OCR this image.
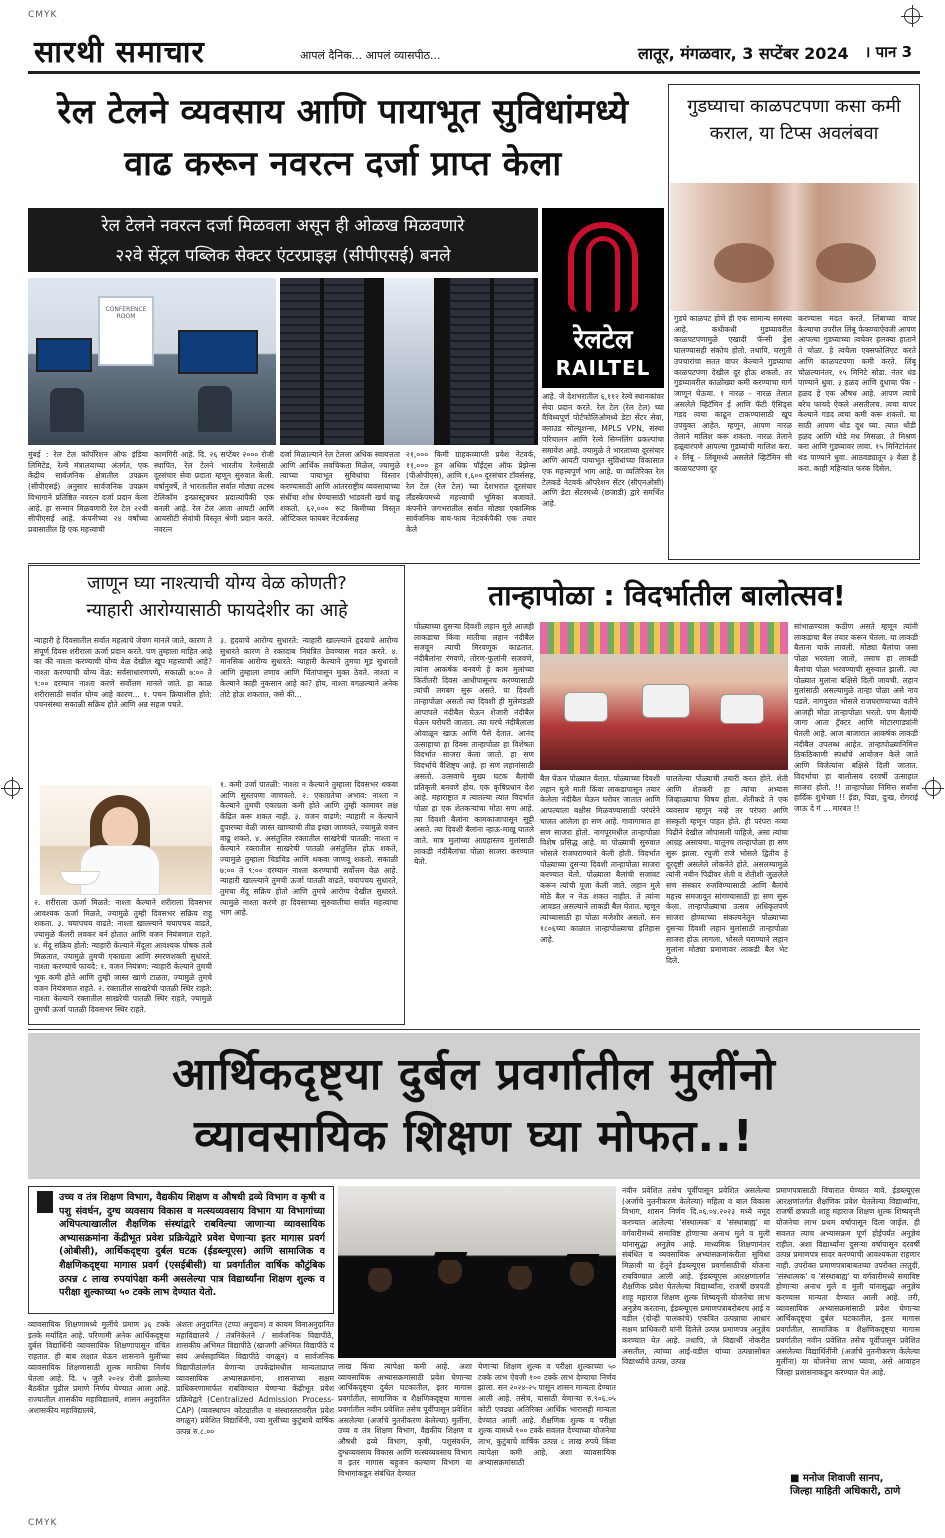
CMYK
CMYK
सारथी समाचार	आपलं दैनिक... आपलं व्यासपीठ...	लातूर, मंगळवार, 3 सप्टेंबर 2024 । पान 3
रेल टेलने व्यवसाय आणि पायाभूत सुविधांमध्ये
वाढ करून नवरत्न दर्जा प्राप्त केला
रेल टेलने नवरत्न दर्जा मिळवला असून ही ओळख मिळवणारे
२२वे सेंट्रल पब्लिक सेक्टर एंटरप्राइझ (सीपीएसई) बनले
CONFERENCE ROOM
रेलटेल
RAILTEL
मुंबई : रेल टेल कॉर्पोरेशन ऑफ इंडिया लिमिटेड, रेल्वे मंत्रालयाच्या अंतर्गत, एक केंद्रीय सार्वजनिक क्षेत्रातील उपक्रम (सीपीएसई) अनुसार सार्वजनिक उपक्रम विभागाने प्रतिष्ठित नवरत्न दर्जा प्रदान केला आहे. हा सन्मान मिळवणारी रेल टेल २२वी सीपीएसई आहे. कंपनीच्या २४ वर्षांच्या प्रवासातील हि एक महत्त्वाची
कामगिरी आहे. दि. २६ सप्टेंबर २००० रोजी स्थापित, रेल टेलने भारतीय रेल्वेसाठी दूरसंचार सेवा प्रदाता म्हणून सुरुवात केली. वर्षानुवर्षे, ते भारतातील सर्वात मोठ्या तटस्थ टेलिकॉम इन्फ्रास्ट्रक्चर प्रदात्यांपैकी एक बनली आहे. रेल टेल आता आयटी आणि आयसीटी सेवांची विस्तृत श्रेणी प्रदान करते. नवरत्न
दर्जा मिळाल्याने रेल टेलला अधिक स्वायत्तता आणि आर्थिक लवचिकता मिळेल, ज्यामुळे त्याच्या पायाभूत सुविधांचा विस्तार करण्यासाठी आणि आंतरराष्ट्रीय व्यवसायाच्या संधींचा शोध घेण्यासाठी भांडवली खर्च वाढू शकतो. ६२,००० रूट किमीच्या विस्तृत ऑप्टिकल फायबर नेटवर्कसह
२१,००० किमी ग्राहकव्याप्ती प्रवेश नेटवर्क, ११,००० हून अधिक पॉईंट्स ऑफ प्रेझेन्स (पीओपीएस), आणि १,६०० दूरसंचार टॉवर्ससह, रेल टेल (रेल टेल) च्या देशभरात दूरसंचार लँडस्केपमध्ये महत्त्वाची भूमिका बजावते. कंपनीने जगभरातील सर्वात मोठ्या एकात्मिक सार्वजनिक वाय-फाय नेटवर्कपैकी एक तयार केले
आहे. जे देशभरातील ६,११२ रेल्वे स्थानकांवर सेवा प्रदान करते. रेल टेल (रेल टेल) च्या वैविध्यपूर्ण पोर्टफोलिओमध्ये डेटा सेंटर सेवा, क्लाउड सोल्यूशन्स, MPLS VPN, संस्था परिचालन आणि रेल्वे सिग्नलिंग प्रकल्पांचा समावेश आहे. ज्यामुळे ते भारताच्या दूरसंचार आणि आयटी पायाभूत सुविधांच्या विकासात एक महत्त्वपूर्ण भाग आहे. या व्यतिरिक्त रेल टेलकडे नेटवर्क ऑपरेशन सेंटर (सीएनओसी) आणि डेटा सेंटरमध्ये (छजाडी) द्वारे समर्थित आहे.
गुडघ्याचा काळपटपणा कसा कमी कराल, या टिप्स अवलंबवा
गुडघे काळपट होणे ही एक सामान्य समस्या आहे. कधीकधी गुडघ्यावरील काळपटपणामुळे एखादी फॅन्सी ड्रेस घालण्यासही संकोच होतो. तथापि, घरगुती उपचारांचा सतत वापर केल्याने गुडघ्याचा काळपटपणा देखील दूर होऊ शकतो. तर गुडघ्यावरील काळोख्या कमी करण्याचा मार्ग जाणून घेऊया. १ नारळ - नारळ तेलात असलेले व्हिटॅमिन ई आणि फॅटी ऍसिड्स गडद त्वचा काढून टाकण्यासाठी खूप उपयुक्त आहेत. म्हणून, आपण नारळ तेलाने मालिश करू शकता. नारळ तेलाने हळूवारपणे आपल्या गुडघ्यांची मालिश करा. २ लिंबू - लिंबूमध्ये असलेले व्हिटॅमिन सी काळपटपणा दूर
करण्यास मदत करते. लिंबाच्या वापर केल्याचा उपरील लिंबू फेकण्याऐवजी आपण आपल्या गुडघ्याच्या त्वचेवर हलक्या हाताने ते चोळा. हे त्वचेला एक्सफोलिएट करते आणि काळपटपणा कमी करते. लिंबू चोळल्यानंतर, १५ मिनिटे सोडा. नंतर थंड पाण्याने धुवा. ३ हळद आणि दुधाचा पॅक - हळद हे एक औषध आहे. आपण त्याचे बरेच फायदे ऐकले असतीलच. त्वचा वापर केल्याने गडद त्वचा कमी करू शकतो. या साठी आपण थोड दूध घ्या. त्यात थोडी हळद आणि थोडे मध मिसळा. ते मिश्रण करा आणि गुडघ्यावर लावा. १५ मिनिटांनंतर थंड पाण्याने धुवा. आठवड्यातून ३ वेळा हे करा. काही महिन्यांत फरक दिसेल.
जाणून घ्या नाश्त्याची योग्य वेळ कोणती?
न्याहारी आरोग्यासाठी फायदेशीर का आहे
न्याहारी हे दिवसातील सर्वात महत्वाचे जेवण मानले जाते, कारण ते संपूर्ण दिवस शरीराला ऊर्जा प्रदान करते. पण तुम्हाला माहित आहे का की नाश्ता करण्याची योग्य वेळ देखील खूप महत्त्वाची आहे? नाश्ता करण्याची योग्य वेळ: सर्वसाधारणपणे, सकाळी ७:०० ते ९:०० दरम्यान नाश्ता करणे सर्वोत्तम मानले जाते. हा काळ शरीरासाठी सर्वात योग्य आहे कारण... १. पचन क्रियाशील होते: पचनसंस्था सकाळी सक्रिय होते आणि अन्न सहज पचते.
२. शरीराला ऊर्जा मिळते: नाश्ता केल्याने शरीराला दिवसभर आवश्यक ऊर्जा मिळते, ज्यामुळे तुम्ही दिवसभर सक्रिय राहू शकता. ३. चयापचय वाढते: नाश्ता खाल्ल्याने चयापचय वाढते, ज्यामुळे कॅलरी लवकर बर्न होतात आणि वजन नियंत्रणात राहते. ४. मेंदू सक्रिय होतो: न्याहारी केल्याने मेंदूला आवश्यक पोषक तत्वे मिळतात, ज्यामुळे तुमची एकाग्रता आणि स्मरणशक्ती सुधारते. नाश्ता करण्याचे फायदे: १. वजन नियंत्रण: न्याहारी केल्याने तुमची भूक कमी होते आणि तुम्ही जास्त खाणे टाळता, ज्यामुळे तुमचे वजन नियंत्रणात राहते. २. रक्तातील साखरेची पातळी स्थिर राहते: नाश्ता केल्याने रक्तातील साखरेची पातळी स्थिर राहते, ज्यामुळे तुमची ऊर्जा पातळी दिवसभर स्थिर राहते.
३. हृदयाचे आरोग्य सुधारते: न्याहारी खाल्ल्याने हृदयाचे आरोग्य सुधारते कारण ते रक्तदाब नियंत्रित ठेवण्यास मदत करते. ४. मानसिक आरोग्य सुधारते: न्याहारी केल्याने तुमचा मूड सुधारतो आणि तुम्हाला तणाव आणि चिंतांपासून मुक्त ठेवते. नाश्ता न केल्याने काही नुकसान आहे का? होय, नाश्ता वगळल्याने अनेक तोटे होऊ शकतात, जसे की...
१. कमी उर्जा पातळी: नाश्ता न केल्याने तुम्हाला दिवसभर थकवा आणि सुस्तपणा जाणवतो. २. एकाग्रतेचा अभाव: नाश्ता न केल्याने तुमची एकाग्रता कमी होते आणि तुम्ही कामावर लक्ष केंद्रित करू शकत नाही. ३. वजन वाढणे: न्याहारी न केल्याने दुपारच्या वेळी जास्त खाण्याची तीव्र इच्छा जाणवते, ज्यामुळे वजन वाढू शकते. ४. असंतुलित रक्तातील साखरेची पातळी: नाश्ता न केल्याने रक्तातील साखरेची पातळी असंतुलित होऊ शकते, ज्यामुळे तुम्हाला चिडचिड आणि थकवा जाणवू शकतो. सकाळी ७:०० ते ९:०० दरम्यान नाश्ता करण्याची सर्वोत्तम वेळ आहे. न्याहारी खाल्ल्याने तुमची ऊर्जा पातळी वाढते, चयापचय सुधारते, तुमचा मेंदू सक्रिय होतो आणि तुमचे आरोग्य देखील सुधारते. त्यामुळे नाश्ता करणे हा दिवसाच्या सुरुवातीचा सर्वात महत्त्वाचा भाग आहे.
तान्हापोळा : विदर्भातील बालोत्सव!
पोळ्याच्या दुसऱ्या दिवशी लहान मुले आजही लाकडाचा किंवा मातीचा लहान नंदीबैल सजवून त्याची मिरवणूक काढतात. नंदीबैलांना रंगवणे, तोरण-फुलांनी सजवणे, त्यांना आकर्षक बनवणे हे काम मुलांच्या कितीतरी दिवस आधीपासूनच करण्यासाठी त्यांची लगबग सुरू असते. या दिवशी तान्हापोळा असतो त्या दिवशी ही मुलेमंडळी आपापले नंदीबैल घेऊन शेजारी नंदीबैल घेऊन घरोघरी जातात. त्या घरचे नंदीबैलाला ओवाळून खाऊ आणि पैसे देतात. आनंद उत्साहाचा हा दिवस तान्हापोळा हा विशेषतः विदर्भात साजरा केला जातो. हा सण विदर्भाचे वैशिष्ट्य आहे. हा सण लहानांसाठी असतो. उत्सवाचे मुख्य घटक बैलांची प्रतिकृती बनवणे होय. एक कृषिप्रधान देश आहे. महाराष्ट्रात व त्यातल्या त्यात विदर्भात पोळा हा एक शेतकऱ्यांचा मोठा सण आहे. त्या दिवशी बैलांना कामकाजापासून सुट्टी असते. त्या दिवशी बैलांना न्हाऊ-माखू घातले जाते. मात्र मुलांच्या आग्रहास्तव मुलांसाठी लाकडी नंदीबैलांचा पोळा साजरा करण्यात येतो.
बैल घेऊन पोळ्यात येतात. पोळ्याच्या दिवशी लहान मुले माती किंवा लाकडापासून तयार केलेला नंदीबैल घेऊन घरोघर जातात आणि आपल्याला बक्षीस मिळवण्यासाठी परंपरेने चालत आलेला हा सण आहे. गावागावात हा सण साजरा होतो. नागपूरमधील तान्हापोळा विशेष प्रसिद्ध आहे. या पोळ्याची सुरुवात भोसले राजघराण्याने केली होती. विदर्भात पोळ्याच्या दुसऱ्या दिवशी तान्हापोळा साजरा करण्यात येतो. पोळ्याला बैलांची सजावट करून त्यांची पूजा केली जाते. लहान मुले मोठे बैल न नेऊ शकत नाहीत. ते त्यांना आवडत असल्याने लाकडी बैल घेतात. म्हणून त्यांच्यासाठी हा पोळा मजेशीर असतो. सन १८०६च्या काळात तान्हापोळ्याचा इतिहास आहे.
घालतेल्या पोळ्याची तयारी करत होते. शेती आणि शेतकरी हा त्यांचा अभ्यास जिव्हाळ्याचा विषय होता. शेतीकडे ते एक व्यवसाय म्हणून नव्हे तर परंपरा आणि संस्कृती म्हणून पाहत होते. ही परंपरा नव्या पिढीने देखील जोपासली पाहिजे, असा त्यांचा आग्रह असायचा. यातूनच तान्हापोळा हा सण सुरू झाला. रघुजी राजे भोसले द्वितीय हे दूरदृष्टी असलेले लोकनेते होते. असलम्यामुळे त्यांनी नवीन पिढीवर शेती व शेतीशी जुळलेले सण संस्कार रुजविण्यासाठी आणि बैलांचे महत्त्व समजावून सांगण्यासाठी हा सण सुरू केला. तान्हापोळ्याचा उत्सव अधिकृतपणे साजरा होण्याच्या संकल्पनेतून पोळ्याच्या दुसऱ्या दिवशी लहान मुलांसाठी तान्हापोळा साजरा होऊ लागला. भोसले घराण्याने लहान मुलांना मोठ्या प्रमाणावर लाकडी बैल भेट दिले.
सांभाळण्यास कठीण असते म्हणून त्यांनी लाकडाचा बैल तयार करून घेतला. या लाकडी बैलाना चाके लावली. मोठ्या बैलांचा जसा पोळा भरवला जातो, तसाच हा लाकडी बैलांचा पोळा भरवण्याची सुरुवात झाली. त्या पोळ्यात मुलांना बक्षिसे दिली जायची. लहान मुलांसाठी असल्यामुळे तान्हा पोळा असे नाव पडले. नागपुरात भोसले राजघराण्याच्या वतीने आजही मोठा तान्हापोळा भरतो. पण बैलांची जागा आता ट्रॅक्टर आणि मोटारगाड्यांनी घेतली आहे. आज बाजारात आकर्षक लाकडी नंदीबैल उपलब्ध आहेत. तान्हापोळ्यानिमित्त ठिकठिकाणी स्पर्धांचे आयोजन केले जाते आणि विजेत्यांना बक्षिसे दिली जातात. विदर्भाचा हा बालोत्सव दरवर्षी उत्साहात साजरा होतो. !! तान्हापोळा निमित्त सर्वांना हार्दिक शुभेच्छा !! ईडा, पिडा, दुःख, रोगराई जाऊ दे गं ... मारबत !!
आर्थिकदृष्ट्या दुर्बल प्रवर्गातील मुलींनो
व्यावसायिक शिक्षण घ्या मोफत..!
उच्च व तंत्र शिक्षण विभाग, वैद्यकीय शिक्षण व औषधी द्रव्ये विभाग व कृषी व पशु संवर्धन, दुग्ध व्यवसाय विकास व मत्स्यव्यवसाय विभाग या विभागांच्या अधिपत्याखालील शैक्षणिक संस्थांद्वारे राबविल्या जाणाऱ्या व्यावसायिक अभ्यासक्रमांना केंद्रीभूत प्रवेश प्रक्रियेद्वारे प्रवेश घेणाऱ्या इतर मागास प्रवर्ग (ओबीसी), आर्थिकदृष्ट्या दुर्बल घटक (ईडब्ल्यूएस) आणि सामाजिक व शैक्षणिकदृष्ट्या मागास प्रवर्ग (एसईबीसी) या प्रवर्गातील वार्षिक कौटुंबिक उत्पन्न ८ लाख रुपयांपेक्षा कमी असलेल्या पात्र विद्यार्थ्यांना शिक्षण शुल्क व परीक्षा शुल्काच्या ५० टक्के लाभ देण्यात येतो.
व्यावसायिक शिक्षणामध्ये मुलींचे प्रमाण ३६ टक्के इतके मर्यादित आहे. परिणामी अनेक आर्थिकदृष्ट्या दुर्बल विद्यार्थिनी व्यावसायिक शिक्षणापासून वंचित राहतात. ही बाब लक्षात घेऊन शासनाने मुलींच्या व्यावसायिक शिक्षणासाठी शुल्क माफीचा निर्णय घेतला आहे. दि. ५ जुलै २०२४ रोजी झालेल्या बैठकीत पुढील प्रमाणे निर्णय घेण्यात आला आहे. राज्यातील शासकीय महाविद्यालये, शासन अनुदानित अशासकीय महाविद्यालये,
अंशतः अनुदानित (टप्पा अनुदान) व कायम विनाअनुदानित महाविद्यालये / तंत्रनिकेतने / सार्वजनिक विद्यापीठे, शासकीय अभिमत विद्यापीठे (खाजगी अभिमत विद्यापीठे व स्वयं अर्थसहाय्यित विद्यापीठे वगळून) व सार्वजनिक विद्यापीठांतर्गत येणाऱ्या उपकेंद्रांमधील मान्यताप्राप्त व्यावसायिक अभ्यासक्रमांना, शासनाच्या सक्षम प्राधिकरणामार्फत राबविण्यात येणाऱ्या केंद्रीभूत प्रवेश प्रक्रियेद्वारे (Centralized Admission Process-CAP) (व्यवस्थापन कोट्यातील व संस्थास्तरावरील प्रवेश वगळून) प्रवेशित विद्यार्थिनी, ज्या मुलींच्या कुटुंबाचे वार्षिक उत्पन्न रु.८.००
लाख किंवा त्यापेक्षा कमी आहे. अशा व्यावसायिक अभ्यासक्रमांसाठी प्रवेश घेणाऱ्या आर्थिकदृष्ट्या दुर्बल घटकातील, इतर मागास प्रवर्गातील, सामाजिक व शैक्षणिकदृष्ट्या मागास प्रवर्गातील नवीन प्रवेशित तसेच पूर्वीपासून प्रवेशित असलेल्या (अर्जाचे नुतनीकरण केलेल्या) मुलींना, उच्च व तंत्र शिक्षण विभाग, वैद्यकीय शिक्षण व औषधी द्रव्ये विभाग, कृषी, पशुसंवर्धन, दुग्धव्यवसाय विकास आणि मत्स्यव्यवसाय विभाग व इतर मागास बहुजन कल्याण विभाग या विभागांकडून संबंधित देण्यात
येणाऱ्या शिक्षण शुल्क व परीक्षा शुल्काच्या ५० टक्के लाभ ऐवजी १०० टक्के लाभ देण्याचा निर्णय झाला. सन २०२४-२५ पासून शासन मान्यता देण्यात आली आहे. तसेच, यासाठी येणाऱ्या रु.९०६.०५ कोटी एवढ्या अतिरिक्त आर्थिक भारासही मान्यता देण्यात आली आहे. शैक्षणिक शुल्क व परीक्षा शुल्क यामध्ये १०० टक्के सवलत देण्याच्या योजनेचा लाभ, कुटुंबाचे वार्षिक उत्पन्न ८ लाख रुपये किंवा त्यापेक्षा कमी आहे, अशा व्यावसायिक अभ्यासक्रमांसाठी
नवीन प्रवेशित तसेच पूर्वीपासून प्रवेशित असलेल्या (अर्जाचे नुतनीकरण केलेल्या) महिला व बाल विकास विभाग, शासन निर्णय दि.०६.०४.२०२३ मध्ये नमूद करण्यात आलेल्या 'संस्थात्मक' व 'संस्थाबाह्य' या वर्गवारीमध्ये समाविष्ट होणाऱ्या अनाथ मुले व मुली यांनासुद्धा अनुज्ञेय आहे. माध्यमिक शिक्षणानंतर संबंधित व व्यवसायिक अभ्यासक्रमांकरीता सुविधा मिळावी या हेतूने ईडब्ल्यूएस प्रवर्गासाठीची योजना राबविण्यात आली आहे. ईडब्ल्यूएस आरक्षणांतर्गत शैक्षणिक प्रवेश घेतलेल्या विद्यार्थ्यांना, राजर्षी छत्रपती शाहू महाराज शिक्षण शुल्क शिष्यवृत्ती योजनेचा लाभ अनुज्ञेय करताना, ईडब्ल्यूएस प्रमाणपत्राबरोबरच आई व वडील (दोन्ही पालकांचे) एकत्रित उत्पन्नाचा आधार सक्षम प्राधिकारी यांनी दिलेले उत्पन्न प्रमाणपत्र अनुज्ञेय करण्यात येत आहे. तथापि, जे विद्यार्थी नोकरीत असतील, त्यांच्या आई-वडील यांच्या उत्पन्नासोबत विद्यार्थ्याचे उत्पन्न, उत्पन्न
प्रमाणपत्रासाठी विचारात घेण्यात यावे. ईडब्ल्यूएस आरक्षणांतर्गत शैक्षणिक प्रवेश घेतलेल्या विद्यार्थ्यांना, राजर्षी छत्रपती शाहू महाराज शिक्षण शुल्क शिष्यवृत्ती योजनेचा लाभ प्रथम वर्षापासून दिला जाईल. ही सवलत त्याच अभ्यासक्रम पूर्ण होईपर्यंत अनुज्ञेय राहील. अशा विद्यार्थ्यांना दुसऱ्या वर्षापासून दरवर्षी उत्पन्न प्रमाणपत्र सादर करण्याची आवश्यकता राहणार नाही. उपरोक्त प्रमाणपत्राबाबतच्या उपरोक्त तरतुदी, 'संस्थात्मक' व 'संस्थाबाह्य' या वर्गवारीमध्ये समाविष्ट होणाऱ्या अनाथ मुले व मुली यांनासुद्धा अनुज्ञेय करण्यास मान्यता देण्यात आली आहे. तरी, व्यावसायिक अभ्यासक्रमांसाठी प्रवेश घेणाऱ्या आर्थिकदृष्ट्या दुर्बल घटकातील, इतर मागास प्रवर्गातील, सामाजिक व शैक्षणिकदृष्ट्या मागास प्रवर्गातील नवीन प्रवेशित तसेच पूर्वीपासून प्रवेशित असलेल्या विद्यार्थिनींनी (अर्जाचे नुतनीकरण केलेल्या मुलींना) या योजनेचा लाभ घ्यावा, असे आवाहन जिल्हा प्रशासनाकडून करण्यात येत आहे.
■ मनोज शिवाजी सानप,
जिल्हा माहिती अधिकारी, ठाणे
